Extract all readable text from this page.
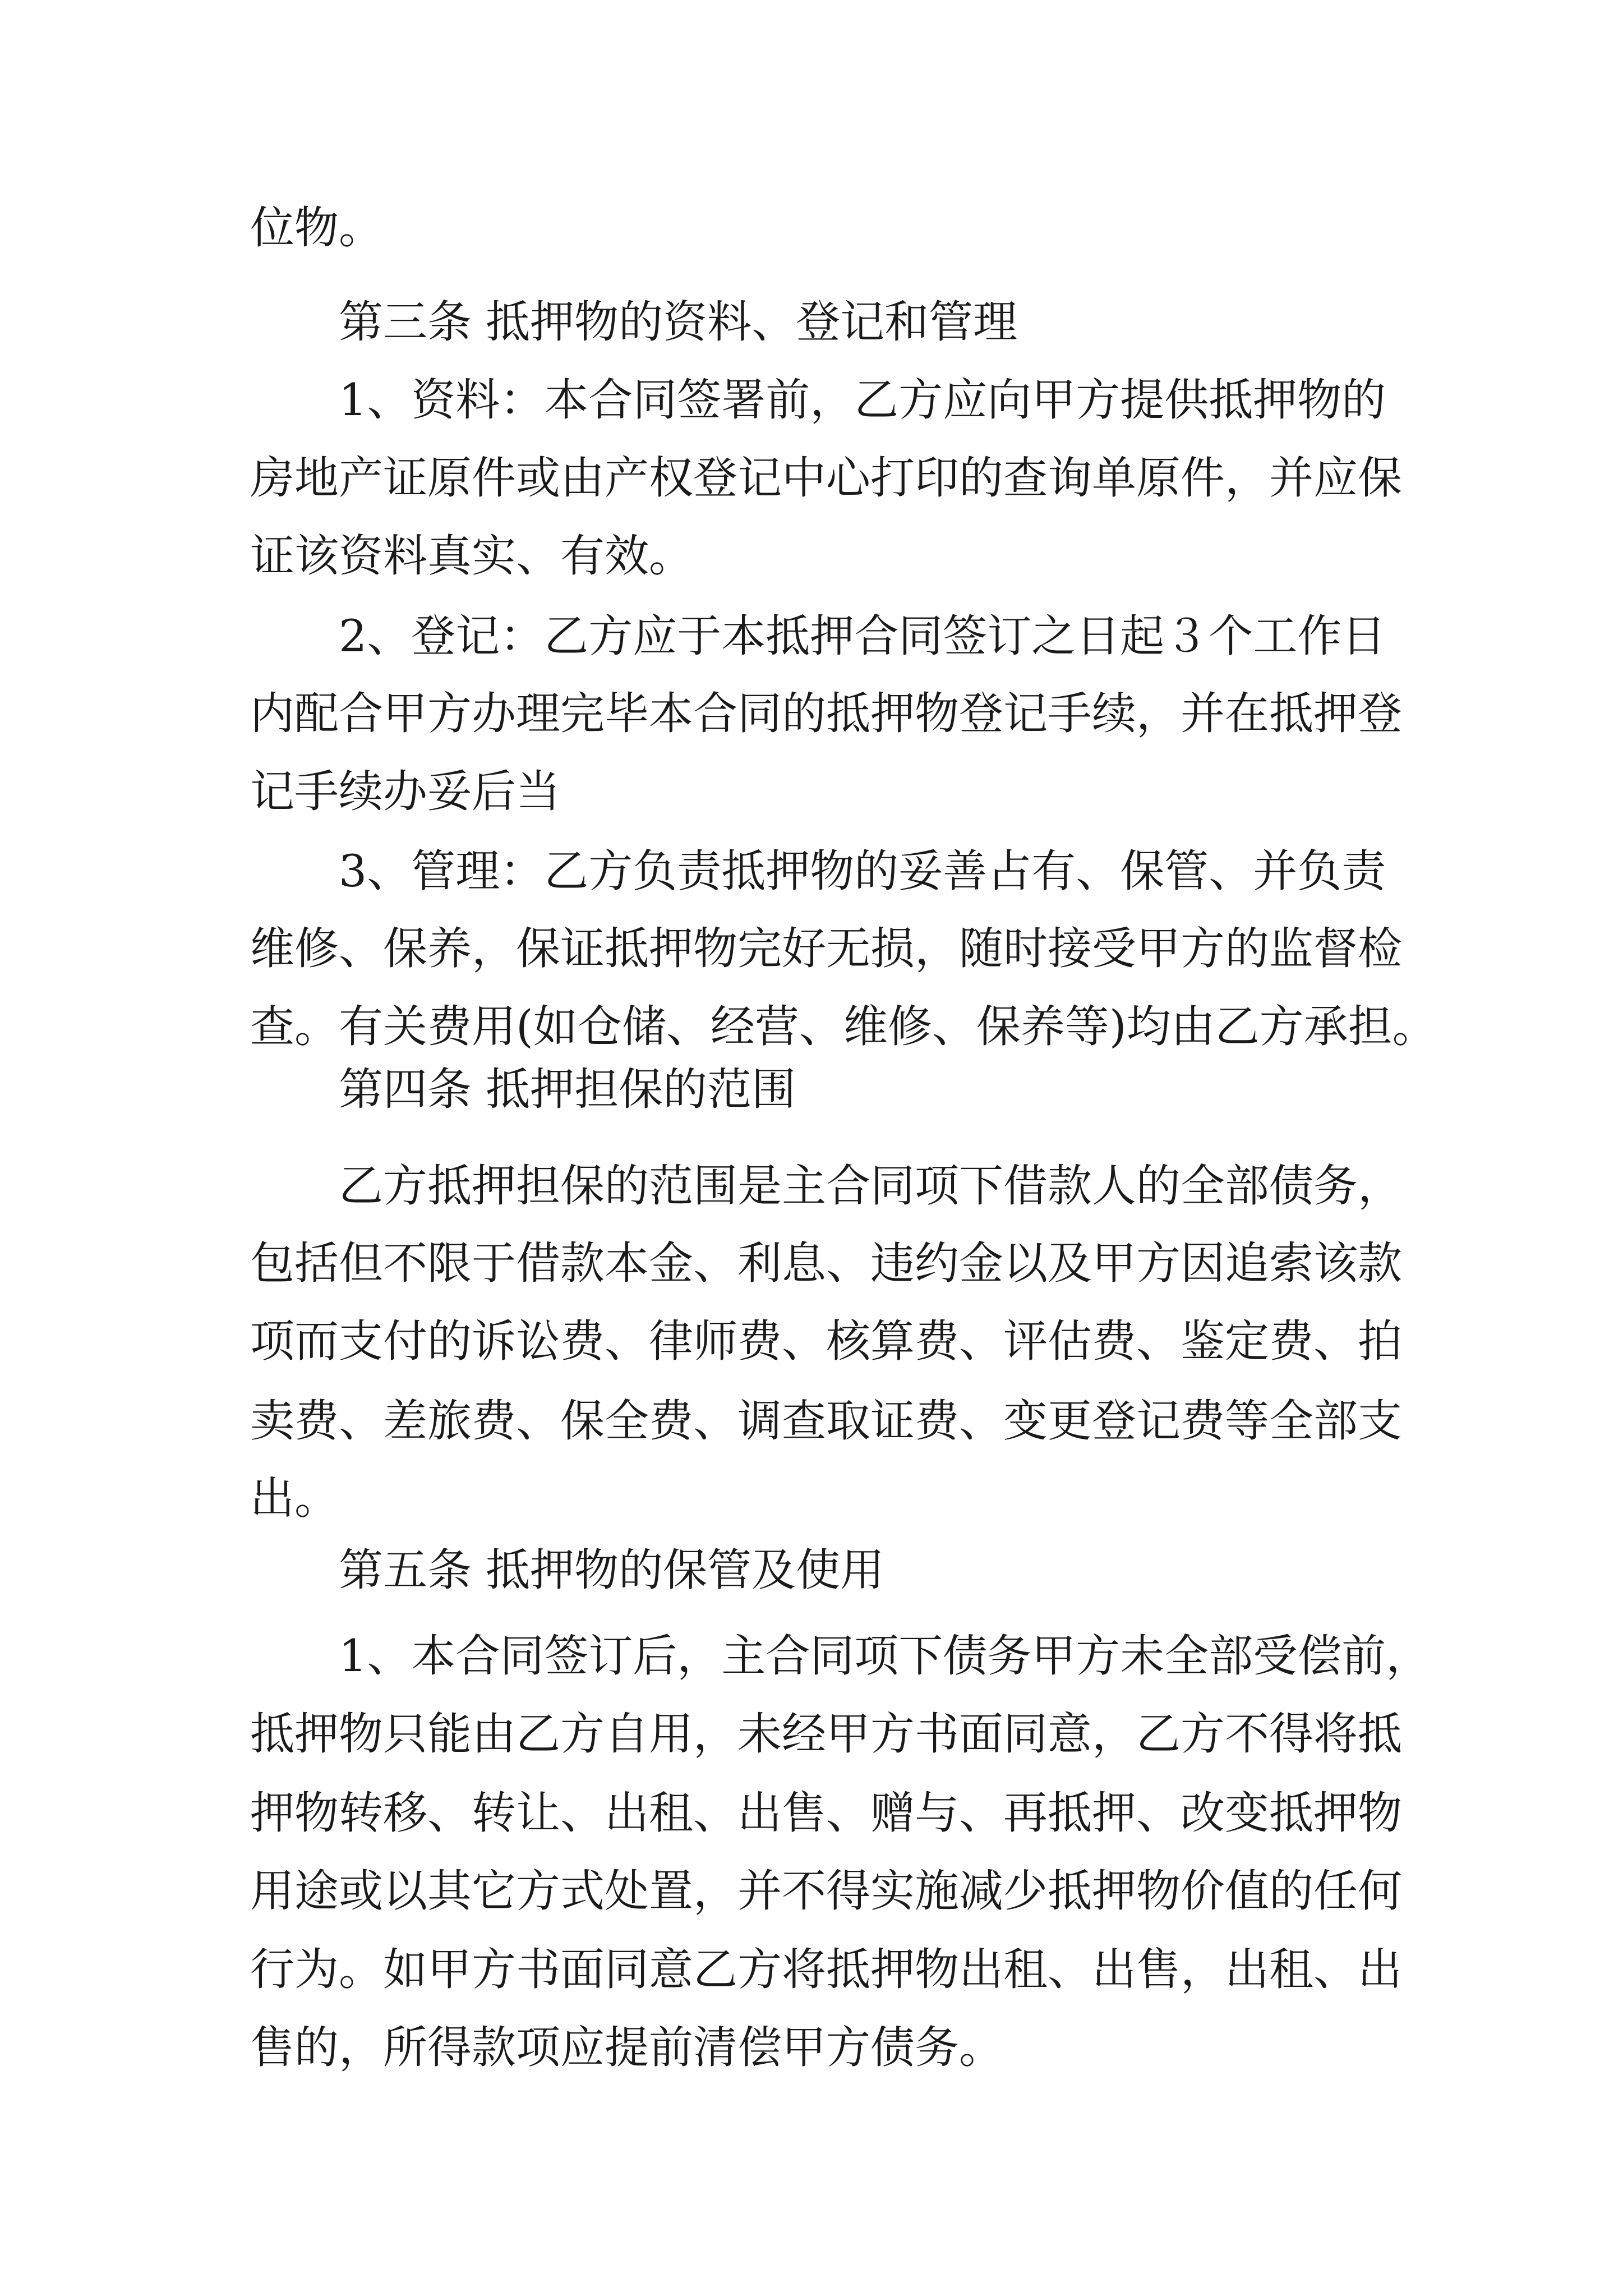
位物。

第三条 抵押物的资料、登记和管理

1、资料：本合同签署前，乙方应向甲方提供抵押物的

房地产证原件或由产权登记中心打印的查询单原件，并应保

证该资料真实、有效。

2、登记：乙方应于本抵押合同签订之日起３个工作日

内配合甲方办理完毕本合同的抵押物登记手续，并在抵押登

记手续办妥后当

3、管理：乙方负责抵押物的妥善占有、保管、并负责

维修、保养，保证抵押物完好无损，随时接受甲方的监督检

查。有关费用(如仓储、经营、维修、保养等)均由乙方承担。

第四条 抵押担保的范围

乙方抵押担保的范围是主合同项下借款人的全部债务，

包括但不限于借款本金、利息、违约金以及甲方因追索该款

项而支付的诉讼费、律师费、核算费、评估费、鉴定费、拍

卖费、差旅费、保全费、调查取证费、变更登记费等全部支

出。

第五条 抵押物的保管及使用

1、本合同签订后，主合同项下债务甲方未全部受偿前，

抵押物只能由乙方自用，未经甲方书面同意，乙方不得将抵

押物转移、转让、出租、出售、赠与、再抵押、改变抵押物

用途或以其它方式处置，并不得实施减少抵押物价值的任何

行为。如甲方书面同意乙方将抵押物出租、出售，出租、出

售的，所得款项应提前清偿甲方债务。
